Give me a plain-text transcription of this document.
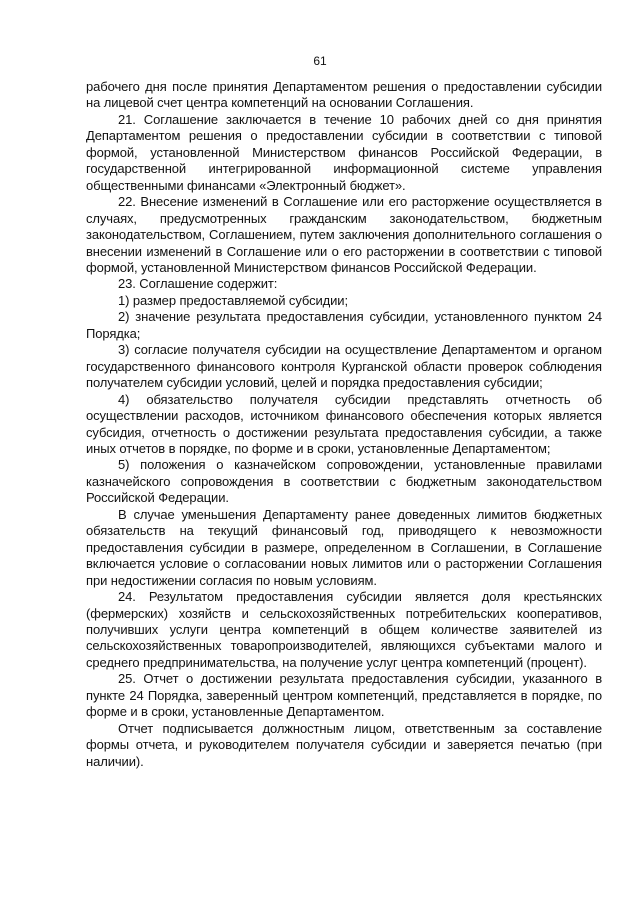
61

рабочего дня после принятия Департаментом решения о предоставлении субсидии на лицевой счет центра компетенций на основании Соглашения.

21. Соглашение заключается в течение 10 рабочих дней со дня принятия Департаментом решения о предоставлении субсидии в соответствии с типовой формой, установленной Министерством финансов Российской Федерации, в государственной интегрированной информационной системе управления общественными финансами «Электронный бюджет».

22. Внесение изменений в Соглашение или его расторжение осуществляется в случаях, предусмотренных гражданским законодательством, бюджетным законодательством, Соглашением, путем заключения дополнительного соглашения о внесении изменений в Соглашение или о его расторжении в соответствии с типовой формой, установленной Министерством финансов Российской Федерации.

23. Соглашение содержит:

1) размер предоставляемой субсидии;

2) значение результата предоставления субсидии, установленного пунктом 24 Порядка;

3) согласие получателя субсидии на осуществление Департаментом и органом государственного финансового контроля Курганской области проверок соблюдения получателем субсидии условий, целей и порядка предоставления субсидии;

4) обязательство получателя субсидии представлять отчетность об осуществлении расходов, источником финансового обеспечения которых является субсидия, отчетность о достижении результата предоставления субсидии, а также иных отчетов в порядке, по форме и в сроки, установленные Департаментом;

5) положения о казначейском сопровождении, установленные правилами казначейского сопровождения в соответствии с бюджетным законодательством Российской Федерации.

В случае уменьшения Департаменту ранее доведенных лимитов бюджетных обязательств на текущий финансовый год, приводящего к невозможности предоставления субсидии в размере, определенном в Соглашении, в Соглашение включается условие о согласовании новых лимитов или о расторжении Соглашения при недостижении согласия по новым условиям.

24. Результатом предоставления субсидии является доля крестьянских (фермерских) хозяйств и сельскохозяйственных потребительских кооперативов, получивших услуги центра компетенций в общем количестве заявителей из сельскохозяйственных товаропроизводителей, являющихся субъектами малого и среднего предпринимательства, на получение услуг центра компетенций (процент).

25. Отчет о достижении результата предоставления субсидии, указанного в пункте 24 Порядка, заверенный центром компетенций, представляется в порядке, по форме и в сроки, установленные Департаментом.

Отчет подписывается должностным лицом, ответственным за составление формы отчета, и руководителем получателя субсидии и заверяется печатью (при наличии).
